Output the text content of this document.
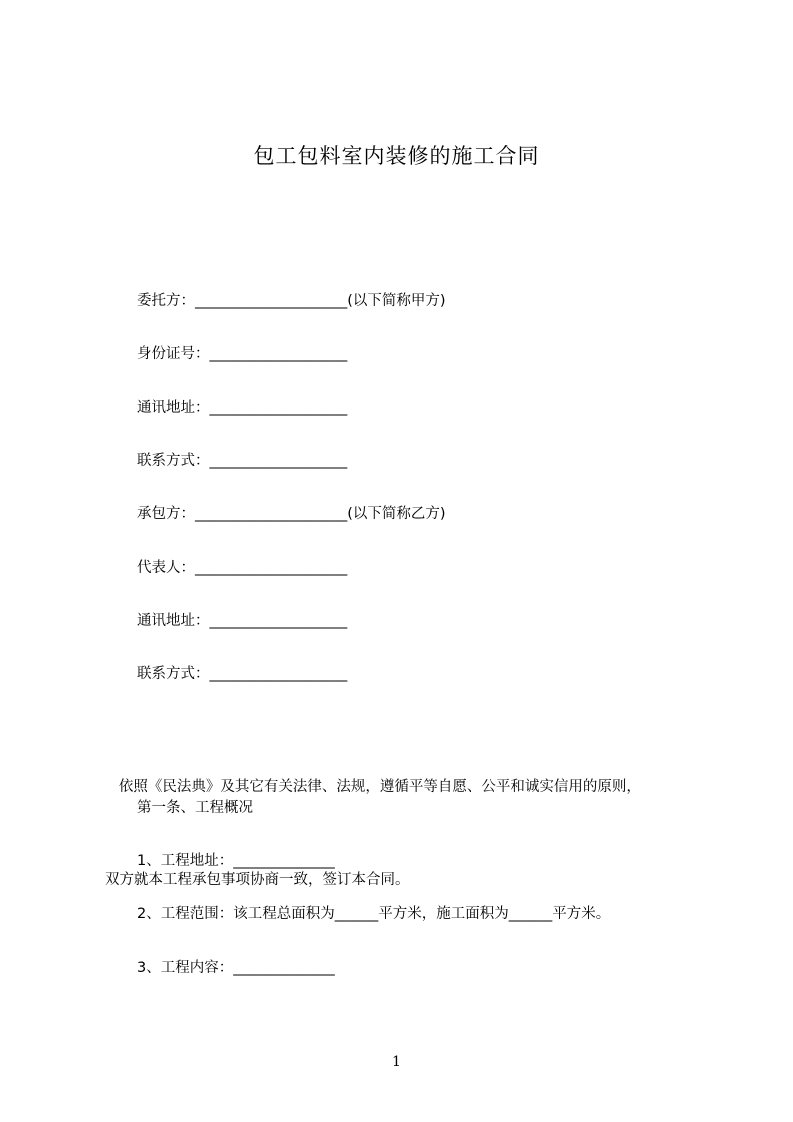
包工包料室内装修的施工合同
委托方：_____________________(以下简称甲方)
身份证号：___________________
通讯地址：___________________
联系方式：___________________
承包方：_____________________(以下简称乙方)
代表人：_____________________
通讯地址：___________________
联系方式：___________________

依照《民法典》及其它有关法律、法规，遵循平等自愿、公平和诚实信用的原则，

双方就本工程承包事项协商一致，签订本合同。

第一条、工程概况
1、工程地址：______________
2、工程范围：该工程总面积为______平方米，施工面积为______平方米。
3、工程内容：______________
1
